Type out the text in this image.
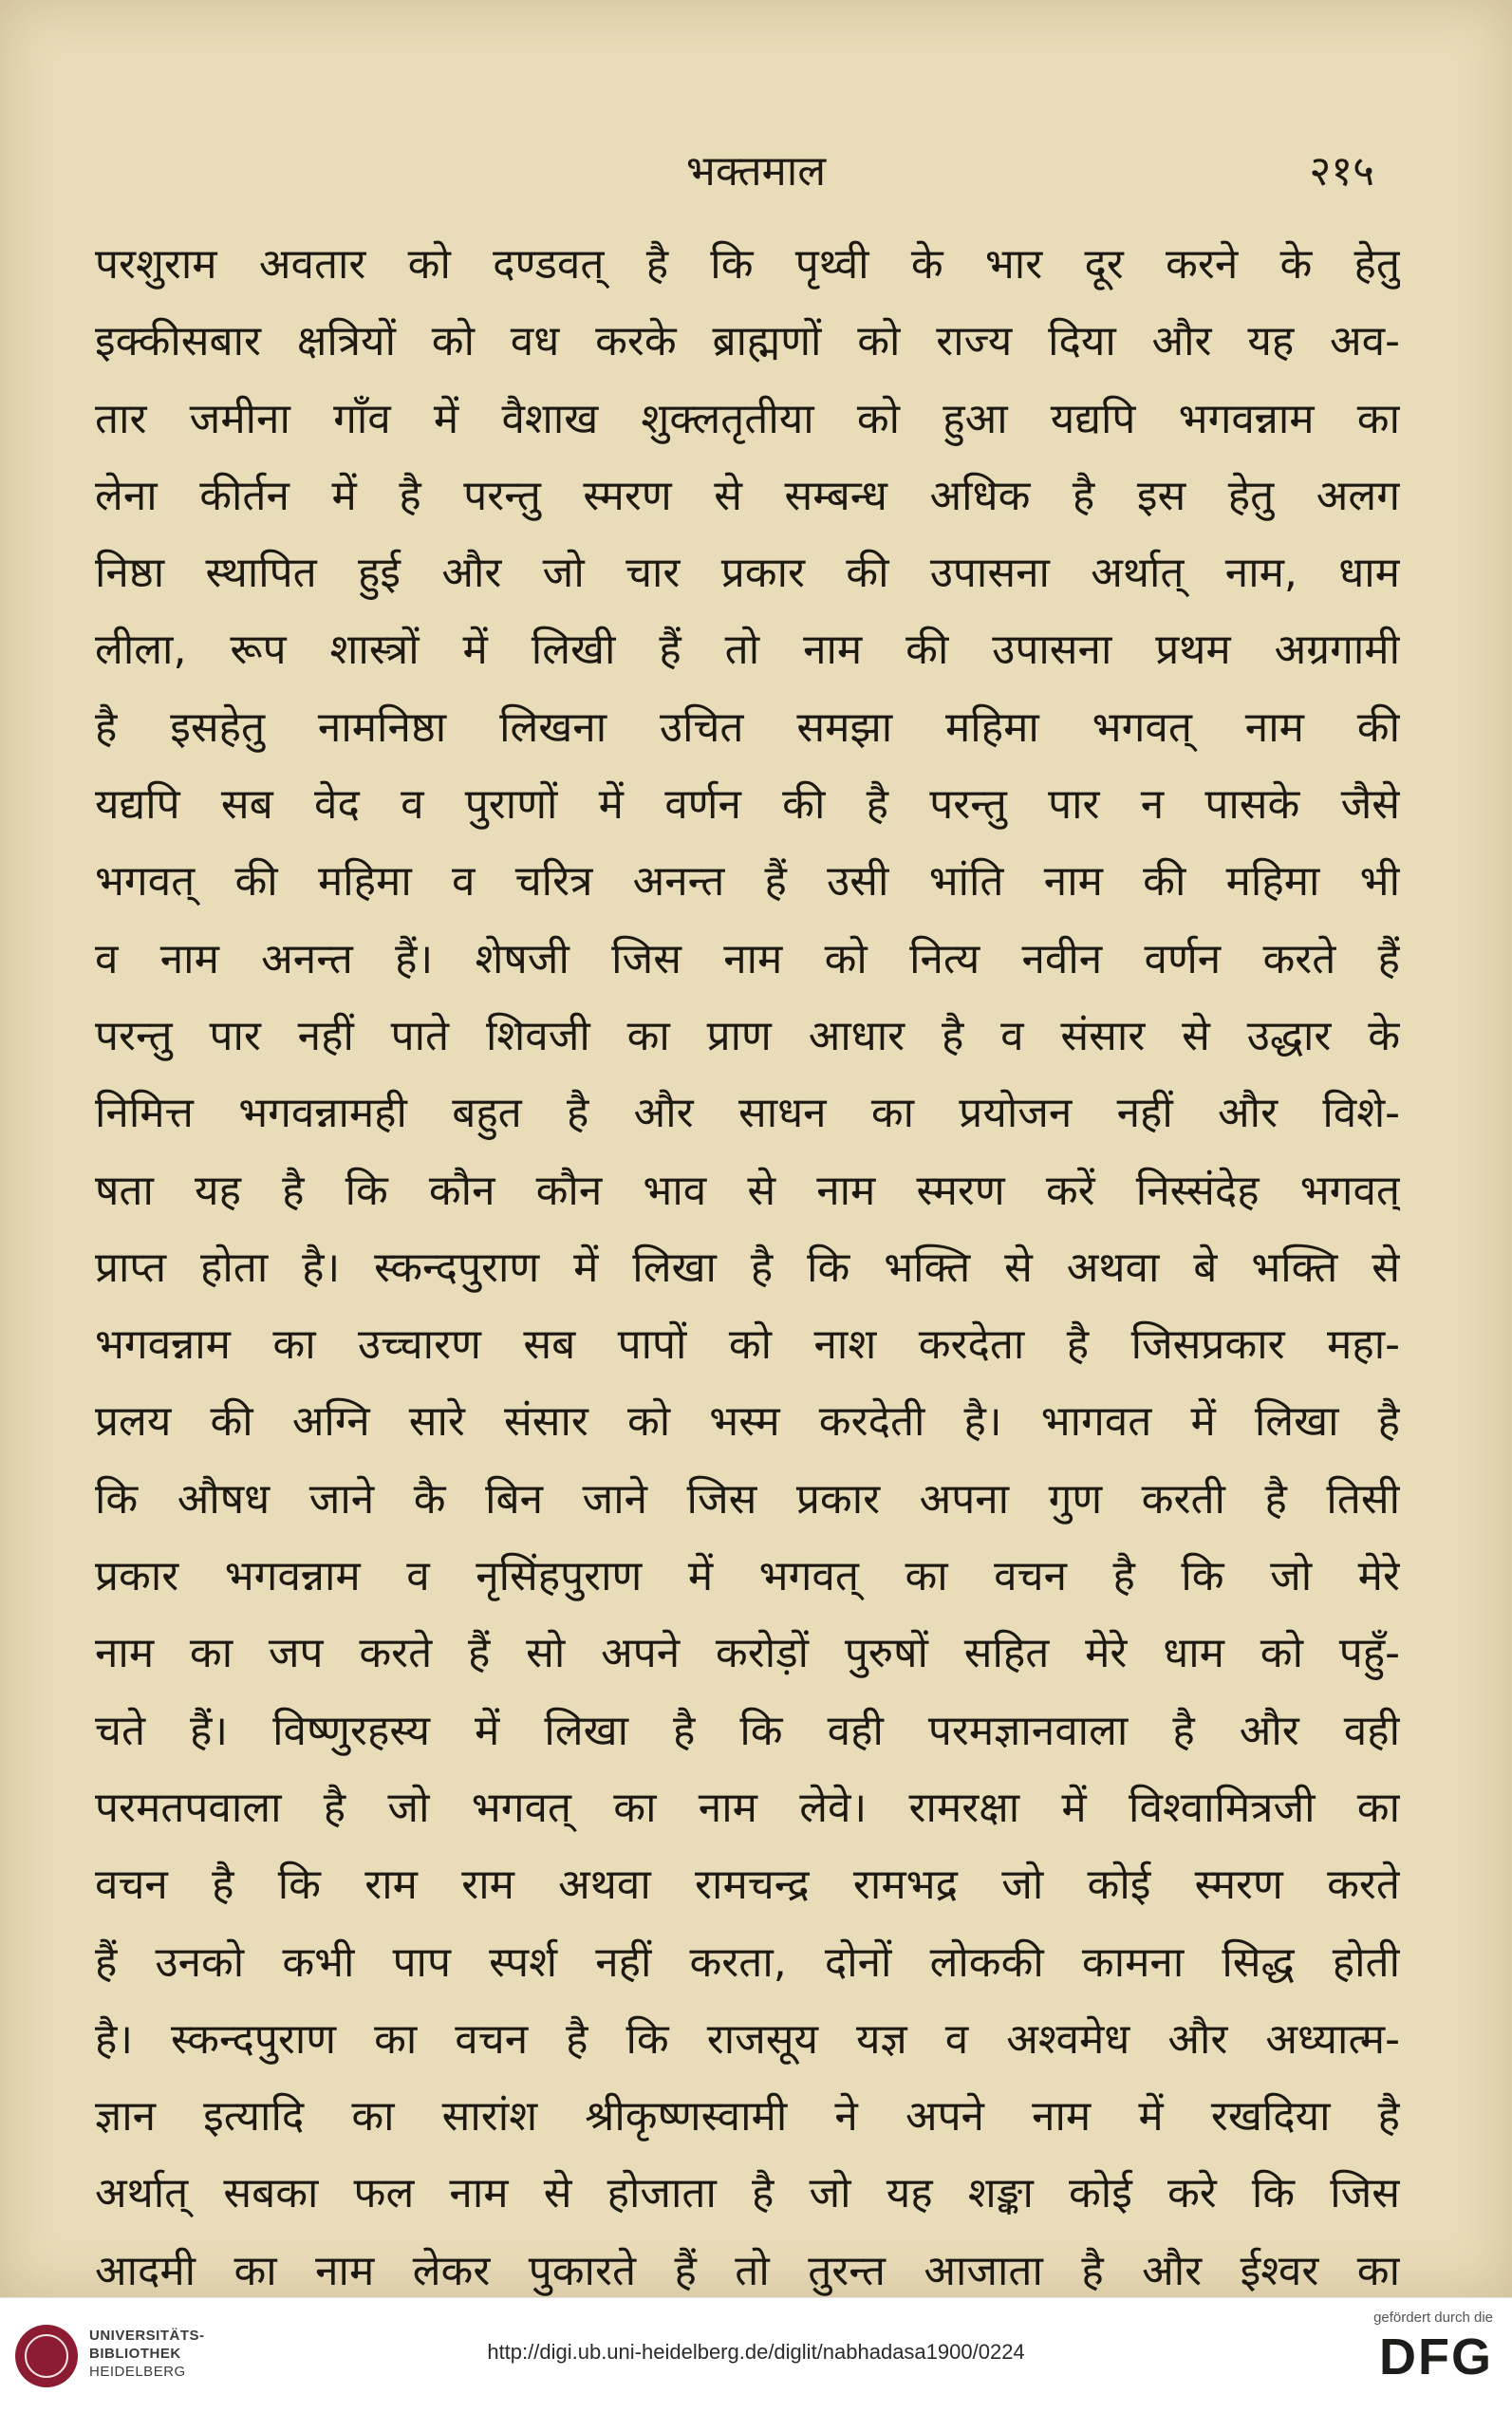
भक्तमाल	२१५
परशुराम अवतार को दण्डवत् है कि पृथ्वी के भार दूर करने के हेतु
इक्कीसबार क्षत्रियों को वध करके ब्राह्मणों को राज्य दिया और यह अव-
तार जमीना गाँव में वैशाख शुक्लतृतीया को हुआ यद्यपि भगवन्नाम का
लेना कीर्तन में है परन्तु स्मरण से सम्बन्ध अधिक है इस हेतु अलग
निष्ठा स्थापित हुई और जो चार प्रकार की उपासना अर्थात् नाम, धाम
लीला, रूप शास्त्रों में लिखी हैं तो नाम की उपासना प्रथम अग्रगामी
है इसहेतु नामनिष्ठा लिखना उचित समझा महिमा भगवत् नाम की
यद्यपि सब वेद व पुराणों में वर्णन की है परन्तु पार न पासके जैसे
भगवत् की महिमा व चरित्र अनन्त हैं उसी भांति नाम की महिमा भी
व नाम अनन्त हैं। शेषजी जिस नाम को नित्य नवीन वर्णन करते हैं
परन्तु पार नहीं पाते शिवजी का प्राण आधार है व संसार से उद्धार के
निमित्त भगवन्नामही बहुत है और साधन का प्रयोजन नहीं और विशे-
षता यह है कि कौन कौन भाव से नाम स्मरण करें निस्संदेह भगवत्
प्राप्त होता है। स्कन्दपुराण में लिखा है कि भक्ति से अथवा बे भक्ति से
भगवन्नाम का उच्चारण सब पापों को नाश करदेता है जिसप्रकार महा-
प्रलय की अग्नि सारे संसार को भस्म करदेती है। भागवत में लिखा है
कि औषध जाने कै बिन जाने जिस प्रकार अपना गुण करती है तिसी
प्रकार भगवन्नाम व नृसिंहपुराण में भगवत् का वचन है कि जो मेरे
नाम का जप करते हैं सो अपने करोड़ों पुरुषों सहित मेरे धाम को पहुँ-
चते हैं। विष्णुरहस्य में लिखा है कि वही परमज्ञानवाला है और वही
परमतपवाला है जो भगवत् का नाम लेवे। रामरक्षा में विश्वामित्रजी का
वचन है कि राम राम अथवा रामचन्द्र रामभद्र जो कोई स्मरण करते
हैं उनको कभी पाप स्पर्श नहीं करता, दोनों लोककी कामना सिद्ध होती
है। स्कन्दपुराण का वचन है कि राजसूय यज्ञ व अश्वमेध और अध्यात्म-
ज्ञान इत्यादि का सारांश श्रीकृष्णस्वामी ने अपने नाम में रखदिया है
अर्थात् सबका फल नाम से होजाता है जो यह शङ्का कोई करे कि जिस
आदमी का नाम लेकर पुकारते हैं तो तुरन्त आजाता है और ईश्वर का
UNIVERSITÄTS-
BIBLIOTHEK
HEIDELBERG
http://digi.ub.uni-heidelberg.de/diglit/nabhadasa1900/0224
gefördert durch die
DFG
